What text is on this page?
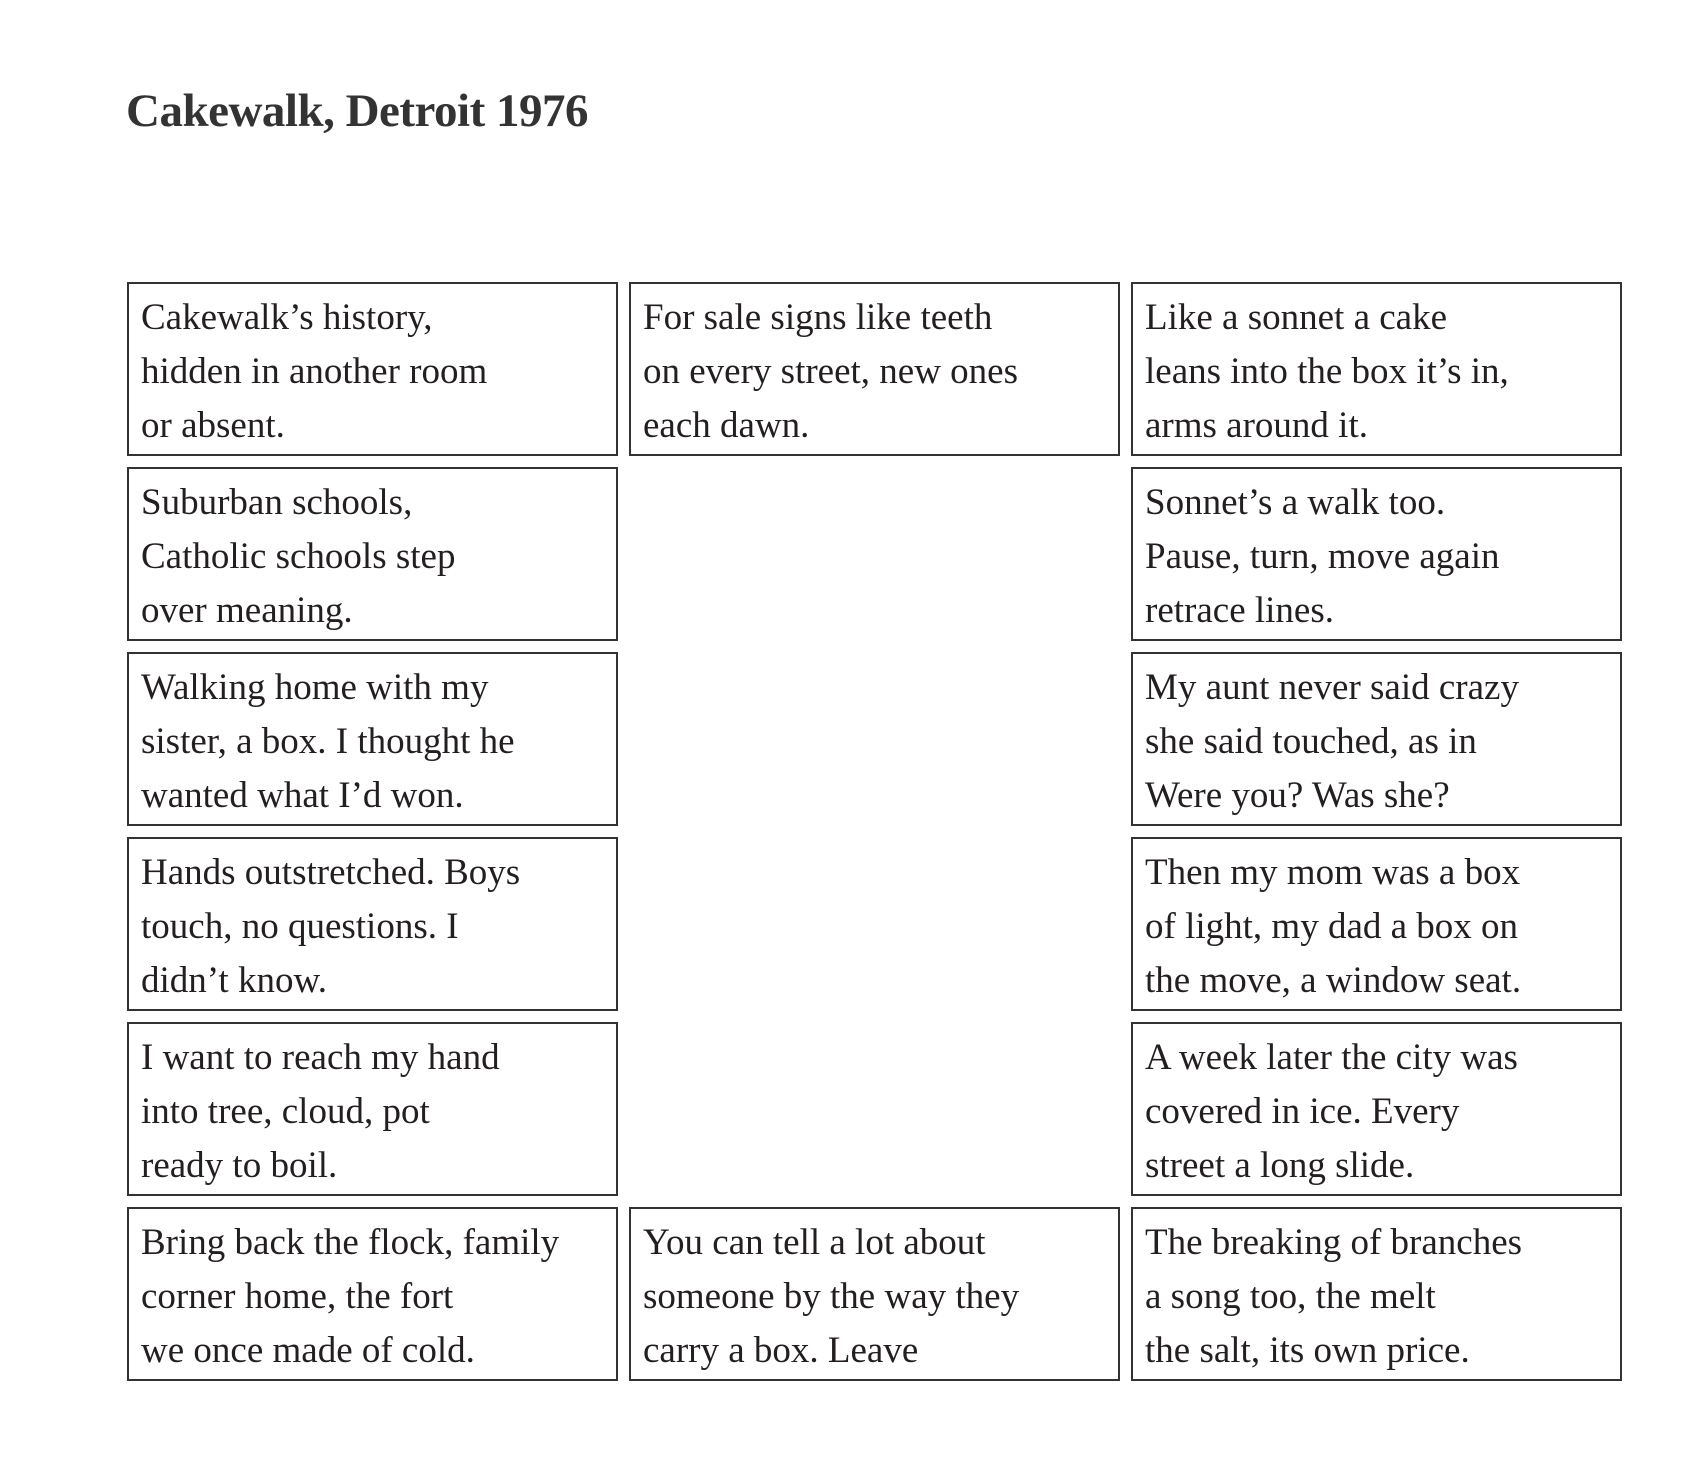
Cakewalk, Detroit 1976
Cakewalk’s history,
hidden in another room
or absent.
Suburban schools,
Catholic schools step
over meaning.
Walking home with my
sister, a box. I thought he
wanted what I’d won.
Hands outstretched. Boys
touch, no questions. I
didn’t know.
I want to reach my hand
into tree, cloud, pot
ready to boil.
Bring back the flock, family
corner home, the fort
we once made of cold.
For sale signs like teeth
on every street, new ones
each dawn.
You can tell a lot about
someone by the way they
carry a box. Leave
Like a sonnet a cake
leans into the box it’s in,
arms around it.
Sonnet’s a walk too.
Pause, turn, move again
retrace lines.
My aunt never said crazy
she said touched, as in
Were you? Was she?
Then my mom was a box
of light, my dad a box on
the move, a window seat.
A week later the city was
covered in ice. Every
street a long slide.
The breaking of branches
a song too, the melt
the salt, its own price.
